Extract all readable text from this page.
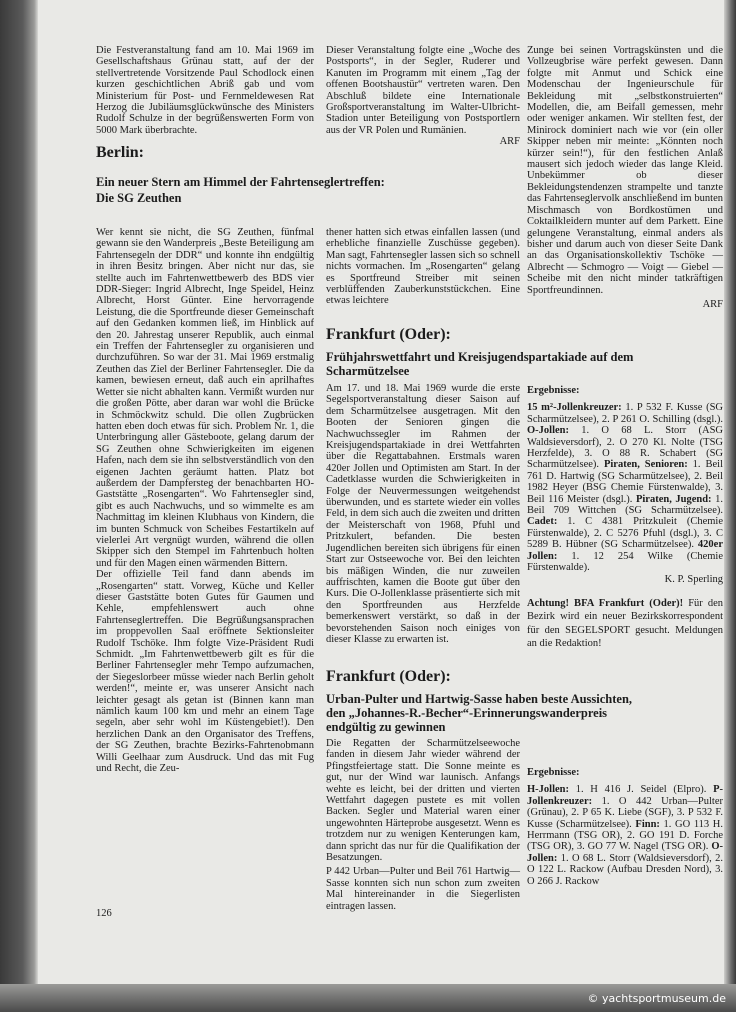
Die Festveranstaltung fand am 10. Mai 1969 im Gesellschaftshaus Grünau statt, auf der der stellvertretende Vorsitzende Paul Schodlock einen kurzen geschichtlichen Abriß gab und vom Ministerium für Post- und Fernmeldewesen Rat Herzog die Jubiläumsglückwünsche des Ministers Rudolf Schulze in der begrüßenswerten Form von 5000 Mark überbrachte.

Dieser Veranstaltung folgte eine „Woche des Postsports“, in der Segler, Ruderer und Kanuten im Programm mit einem „Tag der offenen Bootshaustür“ vertreten waren. Den Abschluß bildete eine Internationale Großsportveranstaltung im Walter-Ulbricht-Stadion unter Beteiligung von Postsportlern aus der VR Polen und Rumänien.

ARF

Zunge bei seinen Vortragskünsten und die Vollzeugbrise wäre perfekt gewesen. Dann folgte mit Anmut und Schick eine Modenschau der Ingenieurschule für Bekleidung mit „selbstkonstruierten“ Modellen, die, am Beifall gemessen, mehr oder weniger ankamen. Wir stellten fest, der Minirock dominiert nach wie vor (ein oller Skipper neben mir meinte: „Könnten noch kürzer sein!“), für den festlichen Anlaß mausert sich jedoch wieder das lange Kleid. Unbekümmer ob dieser Bekleidungstendenzen strampelte und tanzte das Fahrtenseglervolk anschließend im bunten Mischmasch von Bordkostümen und Coktailkleidern munter auf dem Parkett. Eine gelungene Veranstaltung, einmal anders als bisher und darum auch von dieser Seite Dank an das Organisationskollektiv Tschöke — Albrecht — Schmogro — Voigt — Giebel — Scheibe mit den nicht minder tatkräftigen Sportfreundinnen.

ARF

Berlin:
Ein neuer Stern am Himmel der Fahrtenseglertreffen:
Die SG Zeuthen

Wer kennt sie nicht, die SG Zeuthen, fünfmal gewann sie den Wanderpreis „Beste Beteiligung am Fahrtensegeln der DDR“ und konnte ihn endgültig in ihren Besitz bringen. Aber nicht nur das, sie stellte auch im Fahrtenwettbewerb des BDS vier DDR-Sieger: Ingrid Albrecht, Inge Speidel, Heinz Albrecht, Horst Günter. Eine hervorragende Leistung, die die Sportfreunde dieser Gemeinschaft auf den Gedanken kommen ließ, im Hinblick auf den 20. Jahrestag unserer Republik, auch einmal ein Treffen der Fahrtensegler zu organisieren und durchzuführen. So war der 31. Mai 1969 erstmalig Zeuthen das Ziel der Berliner Fahrtensegler. Die da kamen, bewiesen erneut, daß auch ein aprilhaftes Wetter sie nicht abhalten kann. Vermißt wurden nur die großen Pötte, aber daran war wohl die Brücke in Schmöckwitz schuld. Die ollen Zugbrücken hatten eben doch etwas für sich. Problem Nr. 1, die Unterbringung aller Gästeboote, gelang darum der SG Zeuthen ohne Schwierigkeiten im eigenen Hafen, nach dem sie ihn selbstverständlich von den eigenen Jachten geräumt hatten. Platz bot außerdem der Dampfersteg der benachbarten HO-Gaststätte „Rosengarten“. Wo Fahrtensegler sind, gibt es auch Nachwuchs, und so wimmelte es am Nachmittag im kleinen Klubhaus von Kindern, die im bunten Schmuck von Scheibes Festartikeln auf vielerlei Art vergnügt wurden, während die ollen Skipper sich den Stempel im Fahrtenbuch holten und für den Magen einen wärmenden Bittern.

Der offizielle Teil fand dann abends im „Rosengarten“ statt. Vorweg, Küche und Keller dieser Gaststätte boten Gutes für Gaumen und Kehle, empfehlenswert auch ohne Fahrtenseglertreffen. Die Begrüßungsansprachen im proppevollen Saal eröffnete Sektionsleiter Rudolf Tschöke. Ihm folgte Vize-Präsident Rudi Schmidt. „Im Fahrtenwettbewerb gilt es für die Berliner Fahrtensegler mehr Tempo aufzumachen, der Siegeslorbeer müsse wieder nach Berlin geholt werden!“, meinte er, was unserer Ansicht nach leichter gesagt als getan ist (Binnen kann man nämlich kaum 100 km und mehr an einem Tage segeln, aber sehr wohl im Küstengebiet!). Den herzlichen Dank an den Organisator des Treffens, der SG Zeuthen, brachte Bezirks-Fahrtenobmann Willi Geelhaar zum Ausdruck. Und das mit Fug und Recht, die Zeu-

thener hatten sich etwas einfallen lassen (und erhebliche finanzielle Zuschüsse gegeben). Man sagt, Fahrtensegler lassen sich so schnell nichts vormachen. Im „Rosengarten“ gelang es Sportfreund Streiber mit seinen verblüffenden Zauberkunststückchen. Eine etwas leichtere

Frankfurt (Oder):
Frühjahrswettfahrt und Kreisjugendspartakiade auf dem Scharmützelsee

Am 17. und 18. Mai 1969 wurde die erste Segelsportveranstaltung dieser Saison auf dem Scharmützelsee ausgetragen. Mit den Booten der Senioren gingen die Nachwuchssegler im Rahmen der Kreisjugendspartakiade in drei Wettfahrten über die Regattabahnen. Erstmals waren 420er Jollen und Optimisten am Start. In der Cadetklasse wurden die Schwierigkeiten in Folge der Neuvermessungen weitgehendst überwunden, und es startete wieder ein volles Feld, in dem sich auch die zweiten und dritten der Meisterschaft von 1968, Pfuhl und Pritzkulert, befanden. Die besten Jugendlichen bereiten sich übrigens für einen Start zur Ostseewoche vor. Bei den leichten bis mäßigen Winden, die nur zuweilen auffrischten, kamen die Boote gut über den Kurs. Die O-Jollenklasse präsentierte sich mit den Sportfreunden aus Herzfelde bemerkenswert verstärkt, so daß in der bevorstehenden Saison noch einiges von dieser Klasse zu erwarten ist.

Ergebnisse:

15 m²-Jollenkreuzer: 1. P 532 F. Kusse (SG Scharmützelsee), 2. P 261 O. Schilling (dsgl.). O-Jollen: 1. O 68 L. Storr (ASG Waldsieversdorf), 2. O 270 Kl. Nolte (TSG Herzfelde), 3. O 88 R. Schabert (SG Scharmützelsee). Piraten, Senioren: 1. Beil 761 D. Hartwig (SG Scharmützelsee), 2. Beil 1982 Heyer (BSG Chemie Fürstenwalde), 3. Beil 116 Meister (dsgl.). Piraten, Jugend: 1. Beil 709 Wittchen (SG Scharmützelsee). Cadet: 1. C 4381 Pritzkuleit (Chemie Fürstenwalde), 2. C 5276 Pfuhl (dsgl.), 3. C 5289 B. Hübner (SG Scharmützelsee). 420er Jollen: 1. 12 254 Wilke (Chemie Fürstenwalde).

K. P. Sperling

Achtung! BFA Frankfurt (Oder)! Für den Bezirk wird ein neuer Bezirkskorrespondent für den SEGELSPORT gesucht. Meldungen an die Redaktion!

Frankfurt (Oder):
Urban-Pulter und Hartwig-Sasse haben beste Aussichten,
den „Johannes-R.-Becher“-Erinnerungswanderpreis
endgültig zu gewinnen

Die Regatten der Scharmützelseewoche fanden in diesem Jahr wieder während der Pfingstfeiertage statt. Die Sonne meinte es gut, nur der Wind war launisch. Anfangs wehte es leicht, bei der dritten und vierten Wettfahrt dagegen pustete es mit vollen Backen. Segler und Material waren einer ungewohnten Härteprobe ausgesetzt. Wenn es trotzdem nur zu wenigen Kenterungen kam, dann spricht das nur für die Qualifikation der Besatzungen.

P 442 Urban—Pulter und Beil 761 Hartwig—Sasse konnten sich nun schon zum zweiten Mal hintereinander in die Siegerlisten eintragen lassen.

Ergebnisse:

H-Jollen: 1. H 416 J. Seidel (Elpro). P-Jollenkreuzer: 1. O 442 Urban—Pulter (Grünau), 2. P 65 K. Liebe (SGF), 3. P 532 F. Kusse (Scharmützelsee). Finn: 1. GO 113 H. Herrmann (TSG OR), 2. GO 191 D. Forche (TSG OR), 3. GO 77 W. Nagel (TSG OR). O-Jollen: 1. O 68 L. Storr (Waldsieversdorf), 2. O 122 L. Rackow (Aufbau Dresden Nord), 3. O 266 J. Rackow

126
© yachtsportmuseum.de
